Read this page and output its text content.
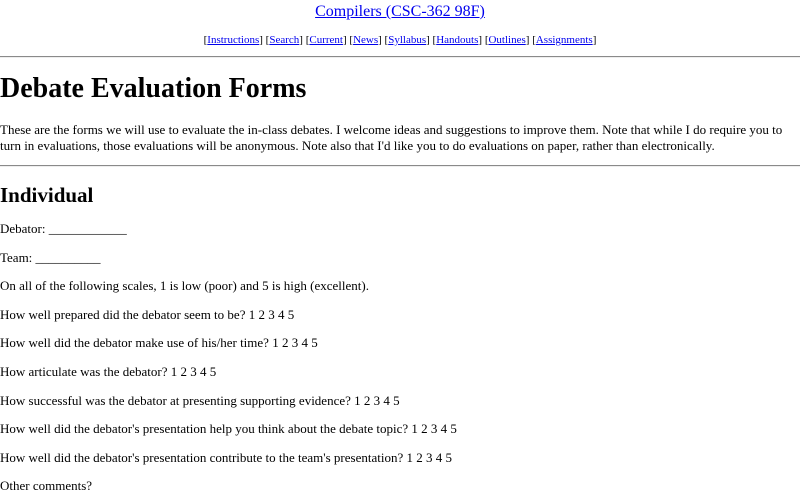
Compilers (CSC-362 98F)
[Instructions] [Search] [Current] [News] [Syllabus] [Handouts] [Outlines] [Assignments]
Debate Evaluation Forms

These are the forms we will use to evaluate the in-class debates. I welcome ideas and suggestions to improve them. Note that while I do require you to turn in evaluations, those evaluations will be anonymous. Note also that I'd like you to do evaluations on paper, rather than electronically.

Individual

Debator: ____________

Team: __________

On all of the following scales, 1 is low (poor) and 5 is high (excellent).

How well prepared did the debator seem to be? 1 2 3 4 5

How well did the debator make use of his/her time? 1 2 3 4 5

How articulate was the debator? 1 2 3 4 5

How successful was the debator at presenting supporting evidence? 1 2 3 4 5

How well did the debator's presentation help you think about the debate topic? 1 2 3 4 5

How well did the debator's presentation contribute to the team's presentation? 1 2 3 4 5

Other comments?
